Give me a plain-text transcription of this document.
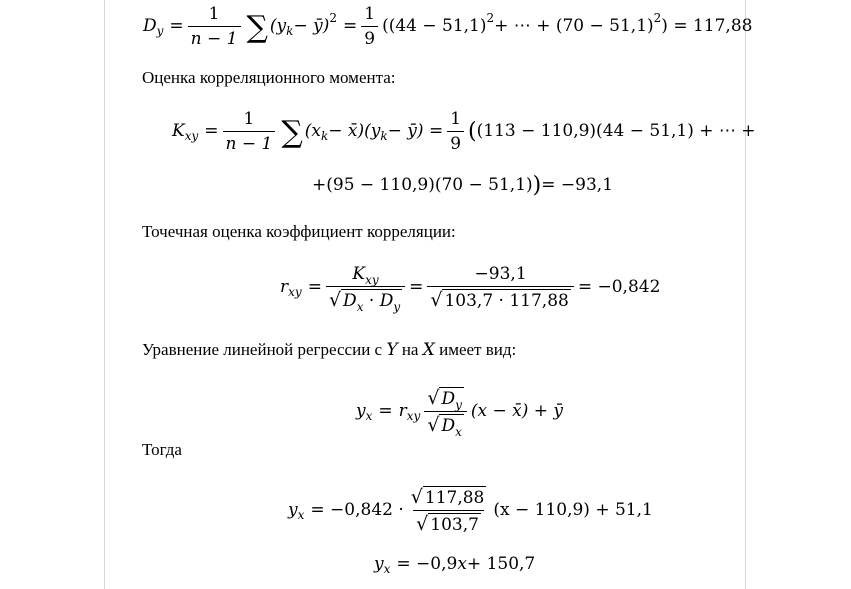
D $y = \frac{1}{n - 1}$ ∑ (y k − ȳ) $2 = \frac{1}{9} ((44 - 51,1) 2$ + ⋯ + (70 − 51,1) 2 ) = 117,88
Оценка корреляционного момента:
K xy = $\frac{1}{n - 1}$ ∑ (x k − x̄)(y k − ȳ) = $\frac{1}{9}$ ( (113 − 110,9)(44 − 51,1) + ⋯ +
+(95 − 110,9)(70 − 51,1) ) = −93,1
Точечная оценка коэффициент корреляции:
r xy =
$K_{xy}$
√ $D_x \cdot D_y$
= $\frac{-93,1}{√ 103,7 \cdot 117,88} = -0,842$
Уравнение линейной регрессии с Y на X имеет вид:
y x = r xy
√ $D_y$
√ $D_x$
(x − x̄) + ȳ
Тогда
y x = −0,842 ·
√ 117,88
√ 103,7
(x − 110,9) + 51,1
y x = −0,9 x + 150,7
